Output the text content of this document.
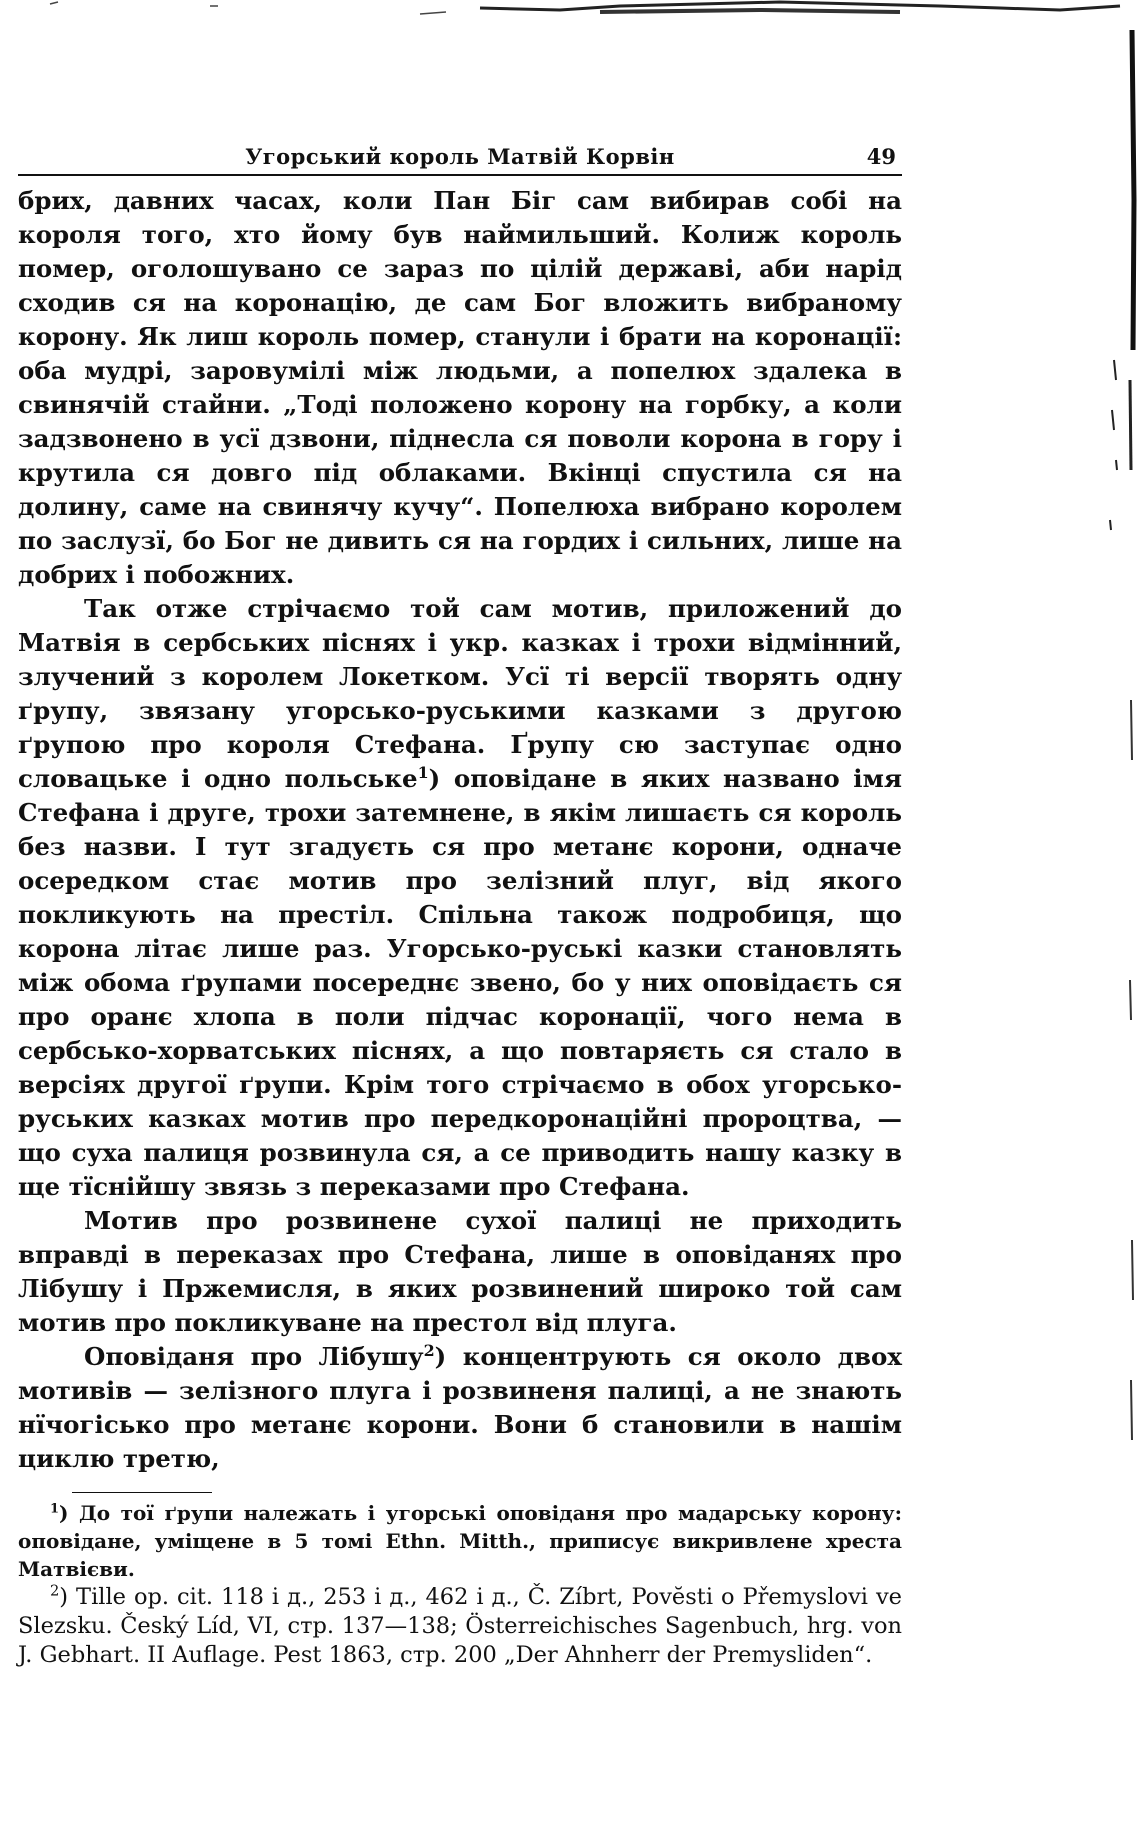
Угорський король Матвій Корвін	49

брих, давних часах, коли Пан Біг сам вибирав собі на короля того, хто йому був наймильший. Колиж король помер, оголошувано се зараз по цілій державі, аби нарід сходив ся на коронацію, де сам Бог вложить вибраному корону. Як лиш король помер, станули і брати на коронації: оба мудрі, заровумілі між людьми, а попелюх здалека в свинячій стайни. „Тоді положено корону на горбку, а коли задзвонено в усї дзвони, піднесла ся поволи корона в гору і крутила ся довго під облаками. Вкінці спустила ся на долину, саме на свинячу кучу“. Попелюха вибрано королем по заслузї, бо Бог не дивить ся на гордих і сильних, лише на добрих і побожних.

Так отже стрічаємо той сам мотив, приложений до Матвія в сербських піснях і укр. казках і трохи відмінний, злучений з королем Локетком. Усї ті версії творять одну ґрупу, звязану угорсько-руськими казками з другою ґрупою про короля Стефана. Ґрупу сю заступає одно словацьке і одно польське$^1$) оповідане в яких названо імя Стефана і друге, трохи затемнене, в якім лишаєть ся король без назви. І тут згадуєть ся про метанє корони, одначе осередком стає мотив про зелізний плуг, від якого покликують на престіл. Спільна також подробиця, що корона літає лише раз. Угорсько-руські казки становлять між обома ґрупами посереднє звено, бо у них оповідаєть ся про оранє хлопа в поли підчас коронації, чого нема в сербсько-хорватських піснях, а що повтаряєть ся стало в версіях другої ґрупи. Крім того стрічаємо в обох угорсько-руських казках мотив про передкоронаційні пророцтва, — що суха палиця розвинула ся, а се приводить нашу казку в ще тїснійшу звязь з переказами про Стефана.

Мотив про розвинене сухої палиці не приходить вправді в переказах про Стефана, лише в оповіданях про Лібушу і Пржемисля, в яких розвинений широко той сам мотив про покликуване на престол від плуга.

Оповіданя про Лібушу$^2$) концентрують ся около двох мотивів — зелізного плуга і розвиненя палиці, а не знають нїчогісько про метанє корони. Вони б становили в нашім циклю третю,

$^1$) До тої ґрупи належать і угорські оповіданя про мадарську корону: оповідане, уміщене в 5 томі Ethn. Mitth., приписує викривлене хреста Матвієви.

$^2$) Tille op. cit. 118 і д., 253 і д., 462 і д., Č. Zíbrt, Povĕsti o Přemyslovi ve Slezsku. Český Líd, VI, стр. 137—138; Österreichisches Sagenbuch, hrg. von J. Gebhart. II Auflage. Pest 1863, стр. 200 „Der Ahnherr der Premysliden“.
